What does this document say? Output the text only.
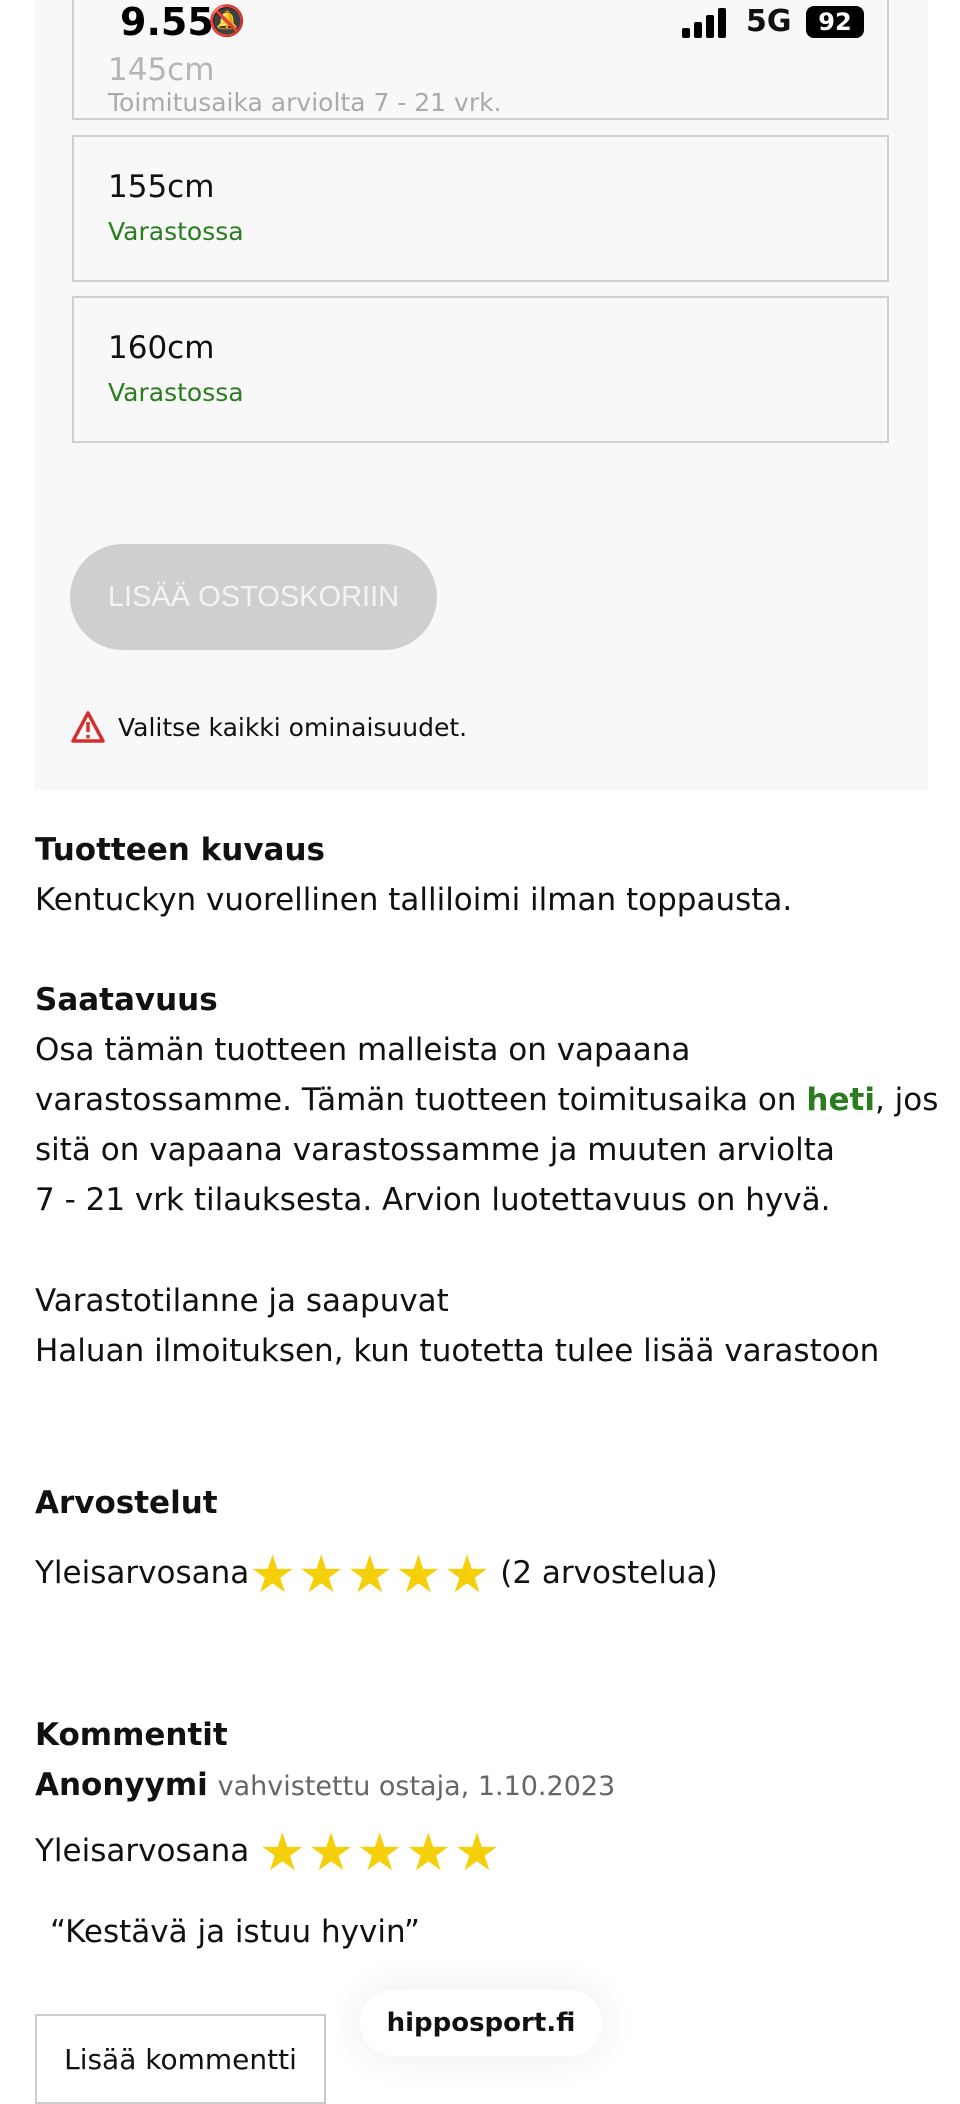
145cm
Toimitusaika arviolta 7 - 21 vrk.
155cm
Varastossa
160cm
Varastossa
9.55
🔕	5G	92
LISÄÄ OSTOSKORIIN
Valitse kaikki ominaisuudet.
Tuotteen kuvaus
Kentuckyn vuorellinen talliloimi ilman toppausta.
Saatavuus
Osa tämän tuotteen malleista on vapaana
varastossamme. Tämän tuotteen toimitusaika on heti, jos
sitä on vapaana varastossamme ja muuten arviolta
7 - 21 vrk tilauksesta. Arvion luotettavuus on hyvä.
Varastotilanne ja saapuvat
Haluan ilmoituksen, kun tuotetta tulee lisää varastoon
Arvostelut
Yleisarvosana ★ ★ ★ ★ ★ (2 arvostelua)
Kommentit
Anonyymi vahvistettu ostaja, 1.10.2023
Yleisarvosana ★ ★ ★ ★ ★
“Kestävä ja istuu hyvin”
Lisää kommentti
hipposport.fi
